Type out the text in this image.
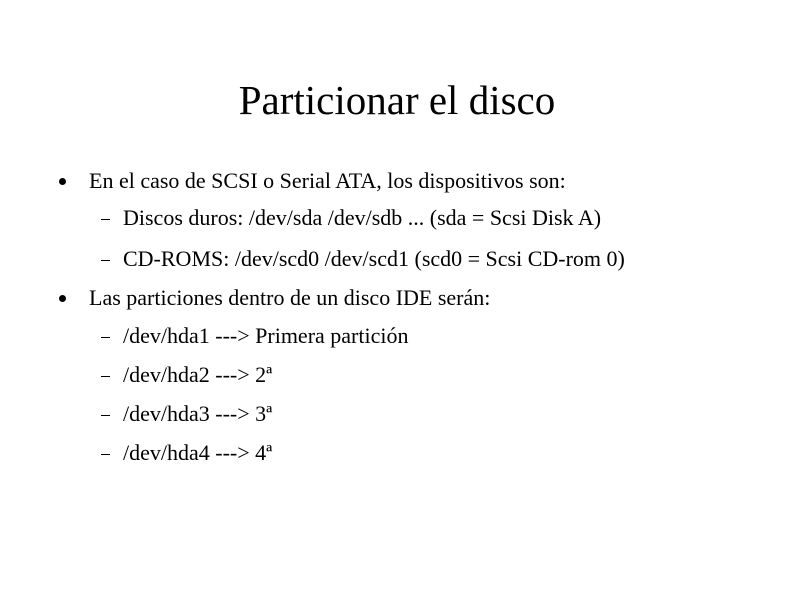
Particionar el disco
En el caso de SCSI o Serial ATA, los dispositivos son:
Discos duros: /dev/sda /dev/sdb ... (sda = Scsi Disk A)
CD-ROMS: /dev/scd0 /dev/scd1 (scd0 = Scsi CD-rom 0)
Las particiones dentro de un disco IDE serán:
/dev/hda1 ---> Primera partición
/dev/hda2 ---> 2ª
/dev/hda3 ---> 3ª
/dev/hda4 ---> 4ª
